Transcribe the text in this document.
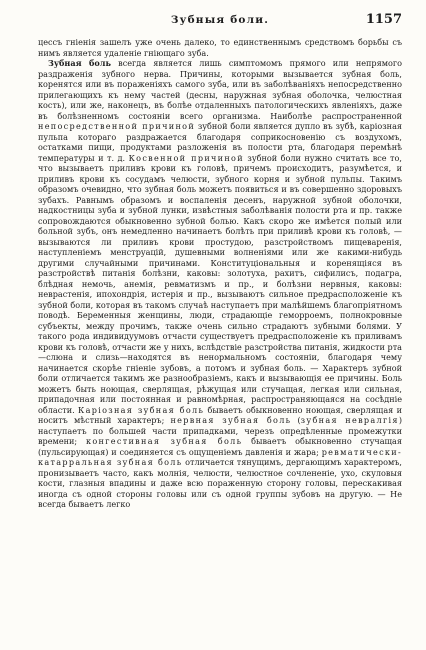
Зубныя боли.	1157

цессъ гніенія зашелъ уже очень далеко, то единственнымъ средствомъ борьбы съ нимъ является удаленіе гніющаго зуба.

Зубная боль всегда является лишь симптомомъ прямого или непрямого раздраженія зубного нерва. Причины, которыми вызывается зубная боль, коренятся или въ пораженіяхъ самого зуба, или въ заболѣваніяхъ непосредственно прилегающихъ къ нему частей (десны, наружная зубная оболочка, челюстная кость), или же, наконецъ, въ болѣе отдаленныхъ патологическихъ явленіяхъ, даже въ болѣзненномъ состояніи всего организма. Наиболѣе распространенной непосредственной причиной зубной боли является дупло въ зубѣ, каріозная пульпа котораго раздражается благодаря соприкосновенію съ воздухомъ, остатками пищи, продуктами разложенія въ полости рта, благодаря перемѣнѣ температуры и т. д. Косвенной причиной зубной боли нужно считать все то, что вызываетъ приливъ крови къ головѣ, причемъ происходитъ, разумѣется, и приливъ крови къ сосудамъ челюсти, зубного корня и зубной пульпы. Такимъ образомъ очевидно, что зубная боль можетъ появиться и въ совершенно здоровыхъ зубахъ. Равнымъ образомъ и воспаленія десенъ, наружной зубной оболочки, надкостницы зуба и зубной лунки, извѣстныя заболѣванія полости рта и пр. также сопровождаются обыкновенно зубной болью. Какъ скоро же имѣется полый или больной зубъ, онъ немедленно начинаетъ болѣть при приливѣ крови къ головѣ, — вызываются ли приливъ крови простудою, разстройствомъ пищеваренія, наступленіемъ менструацій, душевными волненіями или же какими-нибудь другими случайными причинами. Конституціональныя и коренящіяся въ разстройствѣ питанія болѣзни, каковы: золотуха, рахитъ, сифилисъ, подагра, блѣдная немочь, анемія, ревматизмъ и пр., и болѣзни нервныя, каковы: неврастенія, ипохондрія, истерія и пр., вызываютъ сильное предрасположеніе къ зубной боли, которая въ такомъ случаѣ наступаетъ при малѣйшемъ благопріятномъ поводѣ. Беременныя женщины, люди, страдающіе геморроемъ, полнокровные субъекты, между прочимъ, также очень сильно страдаютъ зубными болями. У такого рода индивидуумовъ отчасти существуетъ предрасположеніе къ приливамъ крови къ головѣ, отчасти же у нихъ, вслѣдствіе разстройства питанія, жидкости рта—слюна и слизь—находятся въ ненормальномъ состояніи, благодаря чему начинается скорѣе гніеніе зубовъ, а потомъ и зубная боль. — Характеръ зубной боли отличается такимъ же разнообразіемъ, какъ и вызывающія ее причины. Боль можетъ быть ноющая, сверлящая, рѣжущая или стучащая, легкая или сильная, припадочная или постоянная и равномѣрная, распространяющаяся на сосѣдніе области. Каріозная зубная боль бываетъ обыкновенно ноющая, сверлящая и носитъ мѣстный характеръ; нервная зубная боль (зубная невралгія) наступаетъ по большей части припадками, черезъ опредѣленные промежутки времени; конгестивная зубная боль бываетъ обыкновенно стучащая (пульсирующая) и соединяется съ ощущеніемъ давленія и жара; ревматически-катарральная зубная боль отличается тянущимъ, дергающимъ характеромъ, пронизываетъ часто, какъ молнія, челюсти, челюстное сочлененіе, ухо, скуловыя кости, глазныя впадины и даже всю пораженную сторону головы, перескакивая иногда съ одной стороны головы или съ одной группы зубовъ на другую. — Не всегда бываетъ легко
